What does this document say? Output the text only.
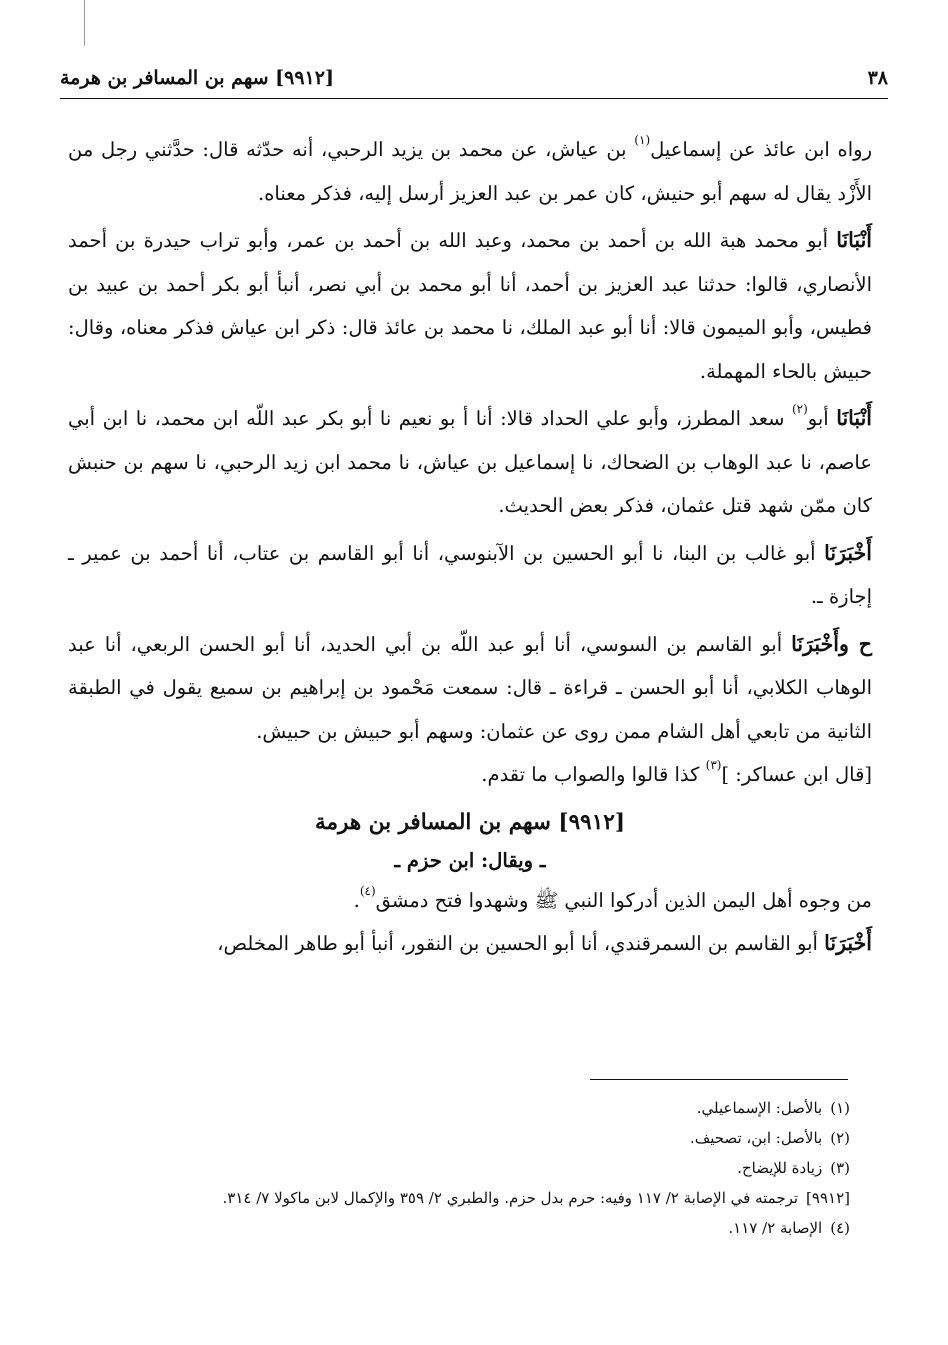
٣٨
[٩٩١٢] سهم بن المسافر بن هرمة

رواه ابن عائذ عن إسماعيل$^{(١)}$ بن عياش، عن محمد بن يزيد الرحبي، أنه حدّثه قال: حدَّثني رجل من الأَزْد يقال له سهم أبو حنيش، كان عمر بن عبد العزيز أرسل إليه، فذكر معناه.

أَنْبَانَا أبو محمد هبة الله بن أحمد بن محمد، وعبد الله بن أحمد بن عمر، وأبو تراب حيدرة بن أحمد الأنصاري، قالوا: حدثنا عبد العزيز بن أحمد، أنا أبو محمد بن أبي نصر، أنبأ أبو بكر أحمد بن عبيد بن فطيس، وأبو الميمون قالا: أنا أبو عبد الملك، نا محمد بن عائذ قال: ذكر ابن عياش فذكر معناه، وقال: حبيش بالحاء المهملة.

أَنْبَانَا أبو$^{(٢)}$ سعد المطرز، وأبو علي الحداد قالا: أنا أ بو نعيم نا أبو بكر عبد اللّه ابن محمد، نا ابن أبي عاصم، نا عبد الوهاب بن الضحاك، نا إسماعيل بن عياش، نا محمد ابن زيد الرحبي، نا سهم بن حنبش كان ممّن شهد قتل عثمان، فذكر بعض الحديث.

أَخْبَرَنَا أبو غالب بن البنا، نا أبو الحسين بن الآبنوسي، أنا أبو القاسم بن عتاب، أنا أحمد بن عمير ـ إجازة ـ.

ح وأَخْبَرَنَا أبو القاسم بن السوسي، أنا أبو عبد اللّه بن أبي الحديد، أنا أبو الحسن الربعي، أنا عبد الوهاب الكلابي، أنا أبو الحسن ـ قراءة ـ قال: سمعت مَحْمود بن إبراهيم بن سميع يقول في الطبقة الثانية من تابعي أهل الشام ممن روى عن عثمان: وسهم أبو حبيش بن حبيش.

[قال ابن عساكر: ]$^{(٣)}$ كذا قالوا والصواب ما تقدم.

[٩٩١٢] سهم بن المسافر بن هرمة
ـ ويقال: ابن حزم ـ

من وجوه أهل اليمن الذين أدركوا النبي ﷺ وشهدوا فتح دمشق$^{(٤)}$.

أَخْبَرَنَا أبو القاسم بن السمرقندي، أنا أبو الحسين بن النقور، أنبأ أبو طاهر المخلص،

(١)
بالأصل: الإسماعيلي.
(٢)
بالأصل: ابن، تصحيف.
(٣)
زيادة للإيضاح.
[٩٩١٢]
ترجمته في الإصابة ٢/ ١١٧ وفيه: حرم بدل حزم. والطبري ٢/ ٣٥٩ والإكمال لابن ماكولا ٧/ ٣١٤.
(٤)
الإصابة ٢/ ١١٧.
